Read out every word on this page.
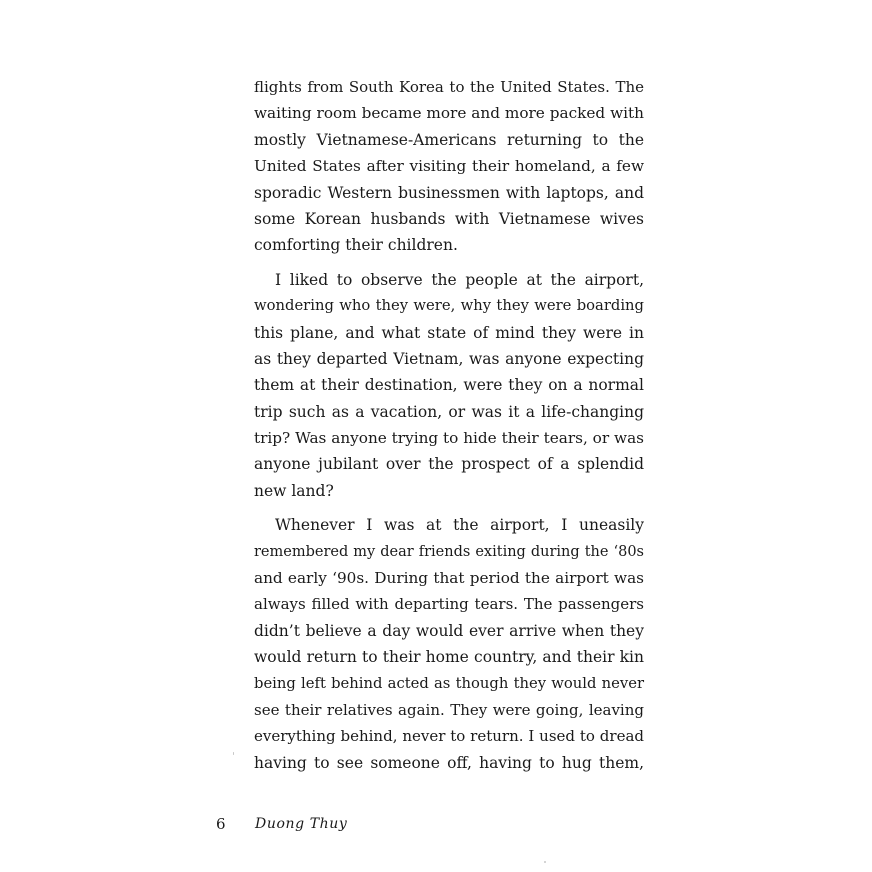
flights from South Korea to the United States. The
waiting room became more and more packed with
mostly Vietnamese-Americans returning to the
United States after visiting their homeland, a few
sporadic Western businessmen with laptops, and
some Korean husbands with Vietnamese wives
comforting their children.
I liked to observe the people at the airport,
wondering who they were, why they were boarding
this plane, and what state of mind they were in
as they departed Vietnam, was anyone expecting
them at their destination, were they on a normal
trip such as a vacation, or was it a life-changing
trip? Was anyone trying to hide their tears, or was
anyone jubilant over the prospect of a splendid
new land?
Whenever I was at the airport, I uneasily
remembered my dear friends exiting during the ‘80s
and early ‘90s. During that period the airport was
always filled with departing tears. The passengers
didn’t believe a day would ever arrive when they
would return to their home country, and their kin
being left behind acted as though they would never
see their relatives again. They were going, leaving
everything behind, never to return. I used to dread
having to see someone off, having to hug them,
6 Duong Thuy
